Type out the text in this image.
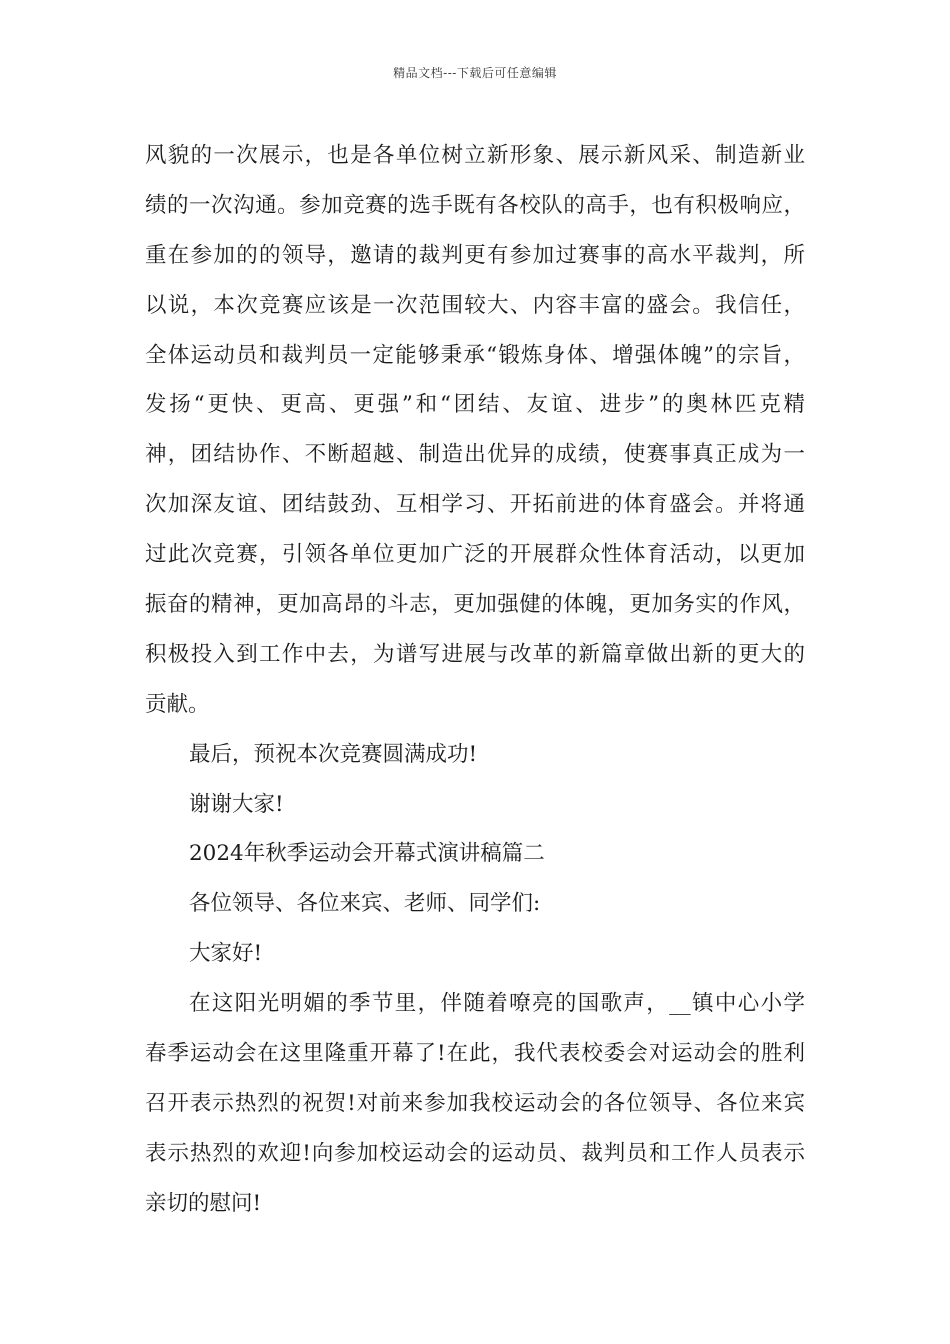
精品文档---下载后可任意编辑
风貌的一次展示，也是各单位树立新形象、展示新风采、制造新业
绩的一次沟通。参加竞赛的选手既有各校队的高手，也有积极响应，
重在参加的的领导，邀请的裁判更有参加过赛事的高水平裁判，所
以说，本次竞赛应该是一次范围较大、内容丰富的盛会。我信任，
全体运动员和裁判员一定能够秉承“锻炼身体、增强体魄”的宗旨，
发扬“更快、更高、更强”和“团结、友谊、进步”的奥林匹克精
神，团结协作、不断超越、制造出优异的成绩，使赛事真正成为一
次加深友谊、团结鼓劲、互相学习、开拓前进的体育盛会。并将通
过此次竞赛，引领各单位更加广泛的开展群众性体育活动，以更加
振奋的精神，更加高昂的斗志，更加强健的体魄，更加务实的作风，
积极投入到工作中去，为谱写进展与改革的新篇章做出新的更大的
贡献。
最后，预祝本次竞赛圆满成功!
谢谢大家!
2024年秋季运动会开幕式演讲稿篇二
各位领导、各位来宾、老师、同学们:
大家好!
在这阳光明媚的季节里，伴随着嘹亮的国歌声，__镇中心小学
春季运动会在这里隆重开幕了!在此，我代表校委会对运动会的胜利
召开表示热烈的祝贺!对前来参加我校运动会的各位领导、各位来宾
表示热烈的欢迎!向参加校运动会的运动员、裁判员和工作人员表示
亲切的慰问!
